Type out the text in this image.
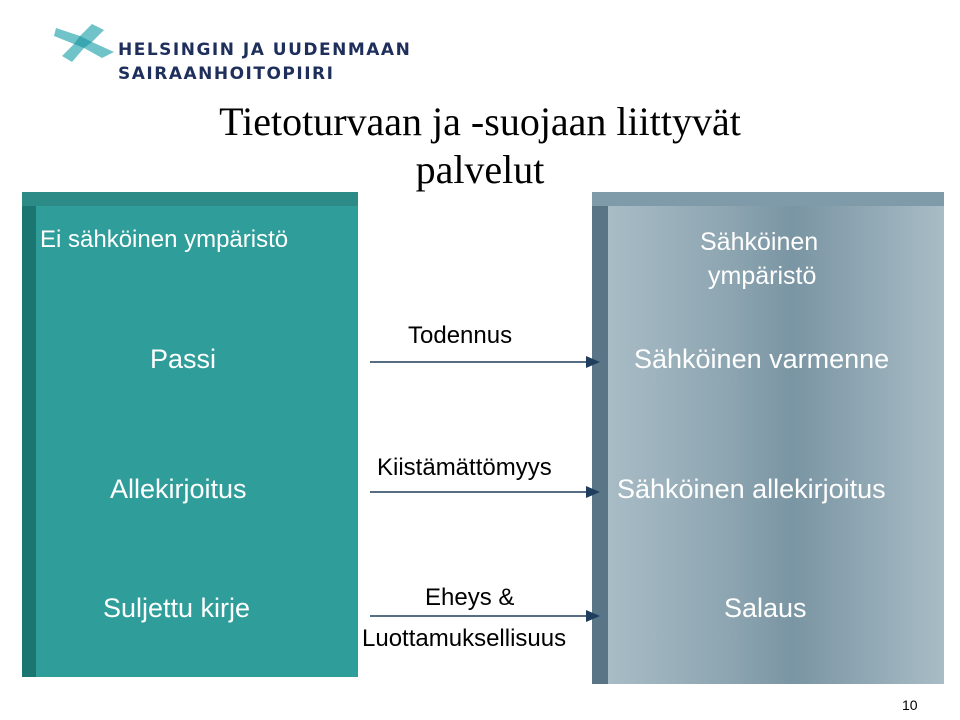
HELSINGIN JA UUDENMAAN
SAIRAANHOITOPIIRI
Tietoturvaan ja -suojaan liittyvät
palvelut
Ei sähköinen ympäristö
Passi
Allekirjoitus
Suljettu kirje
Sähköinen
ympäristö
Sähköinen varmenne
Sähköinen allekirjoitus
Salaus
Todennus
Kiistämättömyys
Eheys &
Luottamuksellisuus
10
